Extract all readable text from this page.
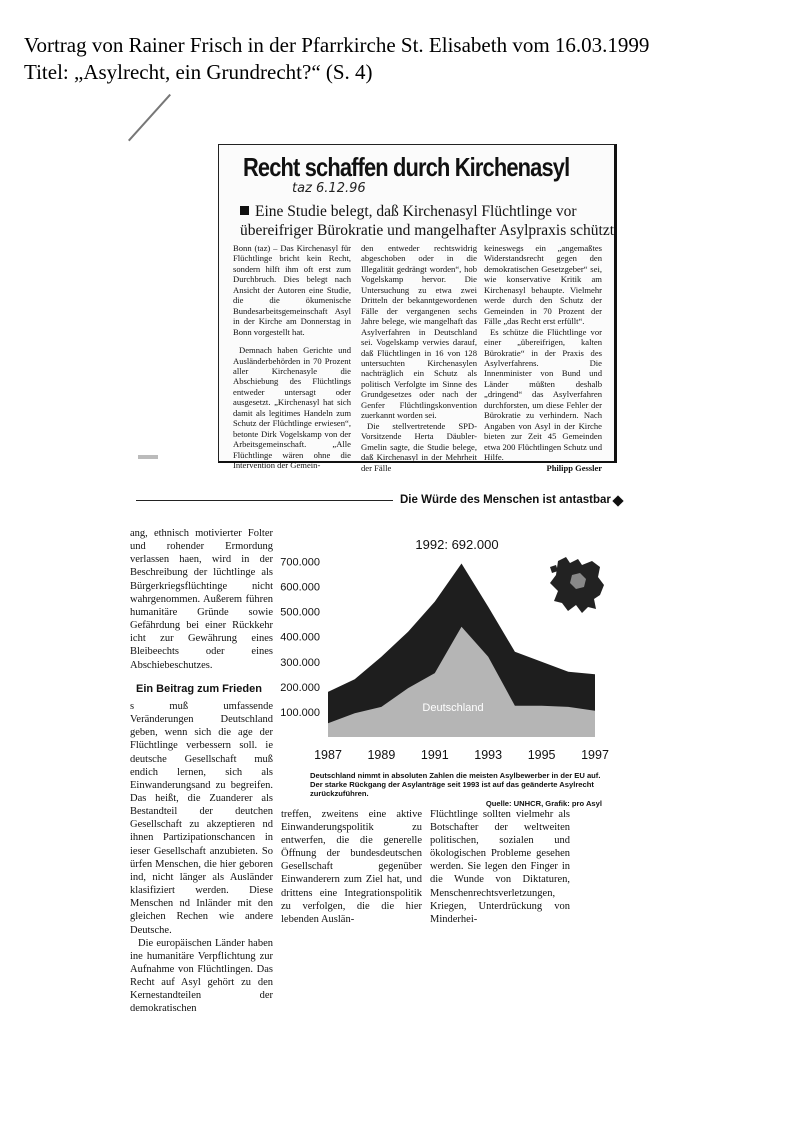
Vortrag von Rainer Frisch in der Pfarrkirche St. Elisabeth vom 16.03.1999
Titel: „Asylrecht, ein Grundrecht?“ (S. 4)
Recht schaffen durch Kirchenasyl
taz 6.12.96
Eine Studie belegt, daß Kirchenasyl Flüchtlinge vor
übereifriger Bürokratie und mangelhafter Asylpraxis schützt

Bonn (taz) – Das Kirchenasyl für Flüchtlinge bricht kein Recht, sondern hilft ihm oft erst zum Durchbruch. Dies belegt nach Ansicht der Autoren eine Studie, die die ökumenische Bundesarbeitsgemeinschaft Asyl in der Kirche am Donnerstag in Bonn vorgestellt hat.

Demnach haben Gerichte und Ausländerbehörden in 70 Prozent aller Kirchenasyle die Abschiebung des Flüchtlings entweder untersagt oder ausgesetzt. „Kirchenasyl hat sich damit als legitimes Handeln zum Schutz der Flüchtlinge erwiesen“, betonte Dirk Vogelskamp von der Arbeitsgemeinschaft. „Alle Flüchtlinge wären ohne die Intervention der Gemein-

den entweder rechtswidrig abgeschoben oder in die Illegalität gedrängt worden“, hob Vogelskamp hervor. Die Untersuchung zu etwa zwei Dritteln der bekanntgewordenen Fälle der vergangenen sechs Jahre belege, wie mangelhaft das Asylverfahren in Deutschland sei. Vogelskamp verwies darauf, daß Flüchtlingen in 16 von 128 untersuchten Kirchenasylen nachträglich ein Schutz als politisch Verfolgte im Sinne des Grundgesetzes oder nach der Genfer Flüchtlingskonvention zuerkannt worden sei.

Die stellvertretende SPD-Vorsitzende Herta Däubler-Gmelin sagte, die Studie belege, daß Kirchenasyl in der Mehrheit der Fälle

keineswegs ein „angemaßtes Widerstandsrecht gegen den demokratischen Gesetzgeber“ sei, wie konservative Kritik am Kirchenasyl behaupte. Vielmehr werde durch den Schutz der Gemeinden in 70 Prozent der Fälle „das Recht erst erfüllt“.

Es schütze die Flüchtlinge vor einer „übereifrigen, kalten Bürokratie“ in der Praxis des Asylverfahrens. Die Innenminister von Bund und Länder müßten deshalb „dringend“ das Asylverfahren durchforsten, um diese Fehler der Bürokratie zu verhindern. Nach Angaben von Asyl in der Kirche bieten zur Zeit 45 Gemeinden etwa 200 Flüchtlingen Schutz und Hilfe.

Philipp Gessler
Die Würde des Menschen ist antastbar

ang, ethnisch motivierter Folter und rohender Ermordung verlassen haen, wird in der Beschreibung der lüchtlinge als Bürgerkriegsflüchtinge nicht wahrgenommen. Außerem führen humanitäre Gründe sowie Gefährdung bei einer Rückkehr icht zur Gewährung eines Bleibeechts oder eines Abschiebeschutzes.

Ein Beitrag zum Frieden

s muß umfassende Veränderungen Deutschland geben, wenn sich die age der Flüchtlinge verbessern soll. ie deutsche Gesellschaft muß endich lernen, sich als Einwanderungsand zu begreifen. Das heißt, die Zuanderer als Bestandteil der deutchen Gesellschaft zu akzeptieren nd ihnen Partizipationschancen in ieser Gesellschaft anzubieten. So ürfen Menschen, die hier geboren ind, nicht länger als Ausländer klasifiziert werden. Diese Menschen nd Inländer mit den gleichen Rechen wie andere Deutsche.

Die europäischen Länder haben ine humanitäre Verpflichtung zur Aufnahme von Flüchtlingen. Das Recht auf Asyl gehört zu den Kernestandteilen der demokratischen

100.000
200.000
300.000
400.000
500.000
600.000
700.000
1987 1989 1991 1993 1995 1997
1992: 692.000
Deutschland
Deutschland nimmt in absoluten Zahlen die meisten Asylbewerber in der EU auf. Der starke Rückgang der Asylanträge seit 1993 ist auf das geänderte Asylrecht zurückzuführen.
Quelle: UNHCR, Grafik: pro Asyl

treffen, zweitens eine aktive Einwanderungspolitik zu entwerfen, die die generelle Öffnung der bundesdeutschen Gesellschaft gegenüber Einwanderern zum Ziel hat, und drittens eine Integrationspolitik zu verfolgen, die die hier lebenden Auslän-

Flüchtlinge sollten vielmehr als Botschafter der weltweiten politischen, sozialen und ökologischen Probleme gesehen werden. Sie legen den Finger in die Wunde von Diktaturen, Menschenrechtsverletzungen, Kriegen, Unterdrückung von Minderhei-
